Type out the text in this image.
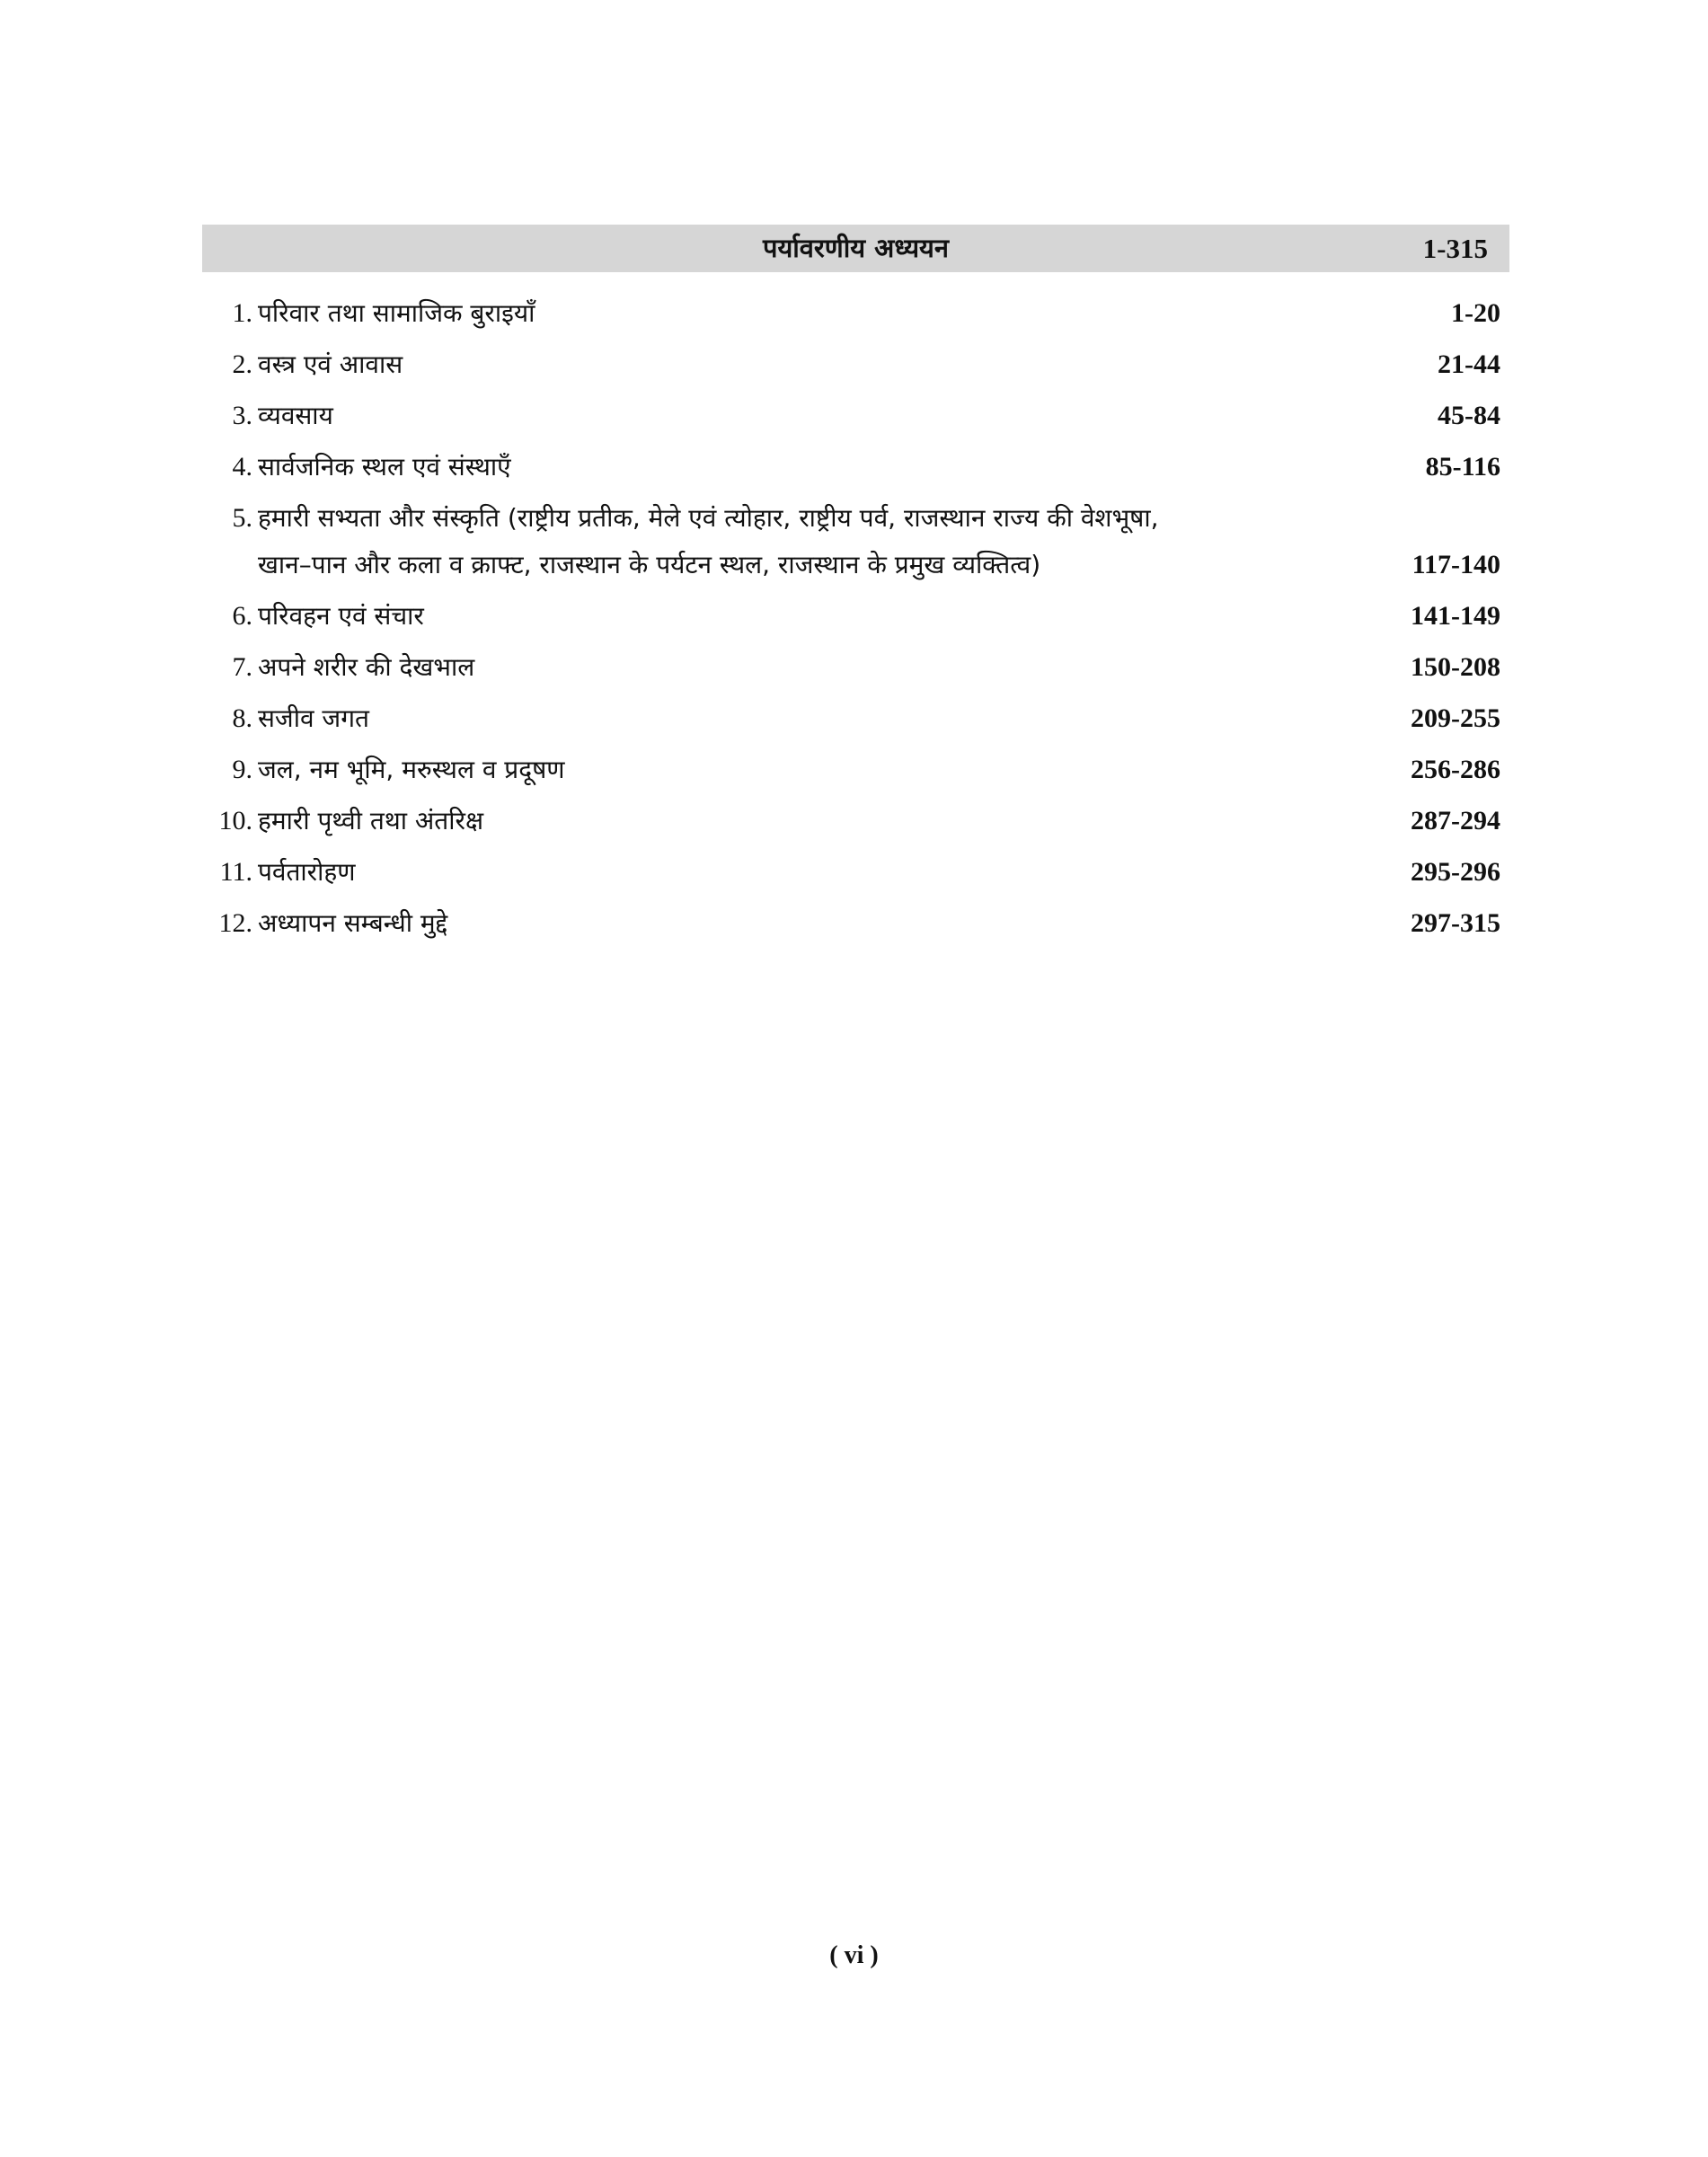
पर्यावरणीय अध्ययन	1-315
1. परिवार तथा सामाजिक बुराइयाँ	1-20
2. वस्त्र एवं आवास	21-44
3. व्यवसाय	45-84
4. सार्वजनिक स्थल एवं संस्थाएँ	85-116
5. हमारी सभ्यता और संस्कृति (राष्ट्रीय प्रतीक, मेले एवं त्योहार, राष्ट्रीय पर्व, राजस्थान राज्य की वेशभूषा,
खान–पान और कला व क्राफ्ट, राजस्थान के पर्यटन स्थल, राजस्थान के प्रमुख व्यक्तित्व)	117-140
6. परिवहन एवं संचार	141-149
7. अपने शरीर की देखभाल	150-208
8. सजीव जगत	209-255
9. जल, नम भूमि, मरुस्थल व प्रदूषण	256-286
10. हमारी पृथ्वी तथा अंतरिक्ष	287-294
11. पर्वतारोहण	295-296
12. अध्यापन सम्बन्धी मुद्दे	297-315
( vi )
